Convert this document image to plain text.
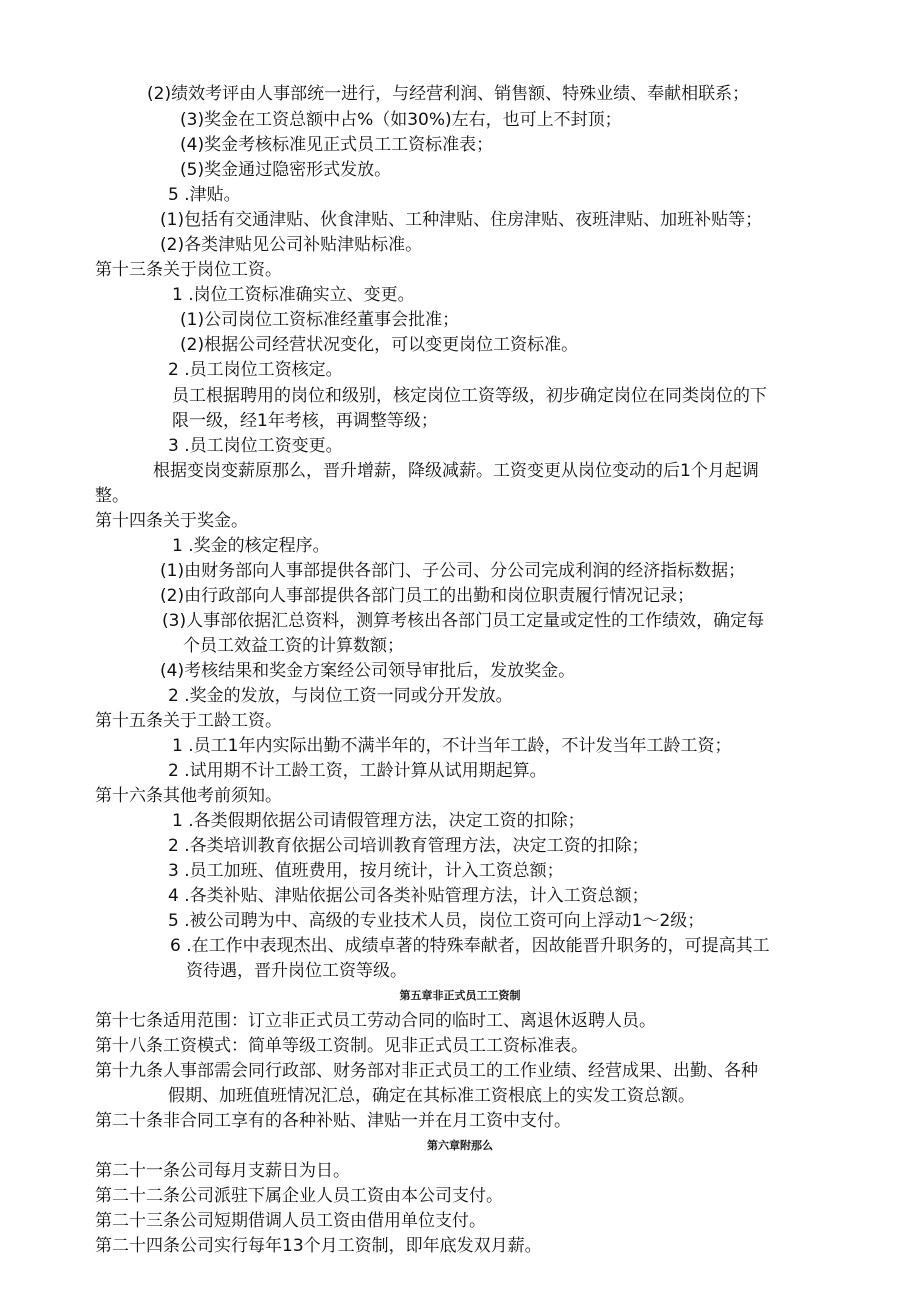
(2)绩效考评由人事部统一进行，与经营利润、销售额、特殊业绩、奉献相联系；
(3)奖金在工资总额中占%（如30%)左右，也可上不封顶；
(4)奖金考核标准见正式员工工资标准表；
(5)奖金通过隐密形式发放。
5 .津贴。
(1)包括有交通津贴、伙食津贴、工种津贴、住房津贴、夜班津贴、加班补贴等；
(2)各类津贴见公司补贴津贴标准。
第十三条关于岗位工资。
1 .岗位工资标准确实立、变更。
(1)公司岗位工资标准经董事会批准；
(2)根据公司经营状况变化，可以变更岗位工资标准。
2 .员工岗位工资核定。
员工根据聘用的岗位和级别，核定岗位工资等级，初步确定岗位在同类岗位的下
限一级，经1年考核，再调整等级；
3 .员工岗位工资变更。
根据变岗变薪原那么，晋升增薪，降级减薪。工资变更从岗位变动的后1个月起调
整。
第十四条关于奖金。
1 .奖金的核定程序。
(1)由财务部向人事部提供各部门、子公司、分公司完成利润的经济指标数据；
(2)由行政部向人事部提供各部门员工的出勤和岗位职责履行情况记录；
(3)人事部依据汇总资料，测算考核出各部门员工定量或定性的工作绩效，确定每
个员工效益工资的计算数额；
(4)考核结果和奖金方案经公司领导审批后，发放奖金。
2 .奖金的发放，与岗位工资一同或分开发放。
第十五条关于工龄工资。
1 .员工1年内实际出勤不满半年的，不计当年工龄，不计发当年工龄工资；
2 .试用期不计工龄工资，工龄计算从试用期起算。
第十六条其他考前须知。
1 .各类假期依据公司请假管理方法，决定工资的扣除；
2 .各类培训教育依据公司培训教育管理方法，决定工资的扣除；
3 .员工加班、值班费用，按月统计，计入工资总额；
4 .各类补贴、津贴依据公司各类补贴管理方法，计入工资总额；
5 .被公司聘为中、高级的专业技术人员，岗位工资可向上浮动1～2级；
6 .在工作中表现杰出、成绩卓著的特殊奉献者，因故能晋升职务的，可提高其工
资待遇，晋升岗位工资等级。
第五章非正式员工工资制
第十七条适用范围：订立非正式员工劳动合同的临时工、离退休返聘人员。
第十八条工资模式：简单等级工资制。见非正式员工工资标准表。
第十九条人事部需会同行政部、财务部对非正式员工的工作业绩、经营成果、出勤、各种
假期、加班值班情况汇总，确定在其标准工资根底上的实发工资总额。
第二十条非合同工享有的各种补贴、津贴一并在月工资中支付。
第六章附那么
第二十一条公司每月支薪日为日。
第二十二条公司派驻下属企业人员工资由本公司支付。
第二十三条公司短期借调人员工资由借用单位支付。
第二十四条公司实行每年13个月工资制，即年底发双月薪。
